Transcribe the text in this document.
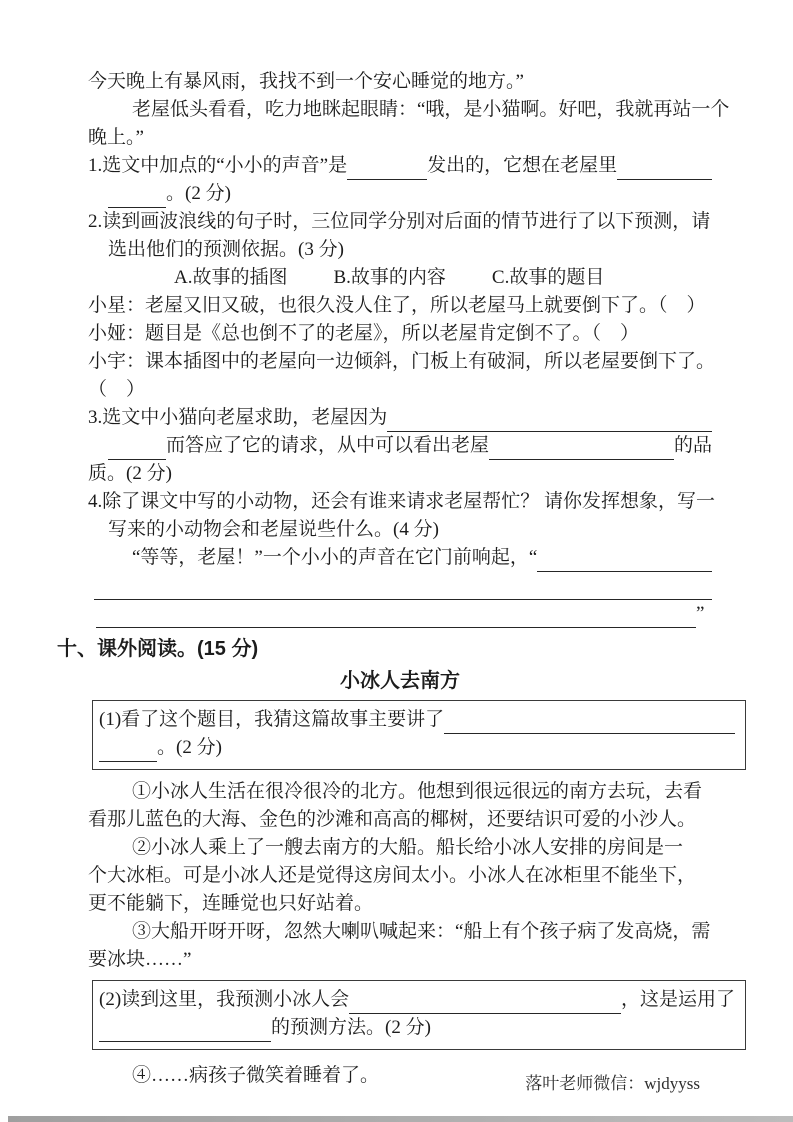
今天晚上有暴风雨，我找不到一个安心睡觉的地方。”
老屋低头看看，吃力地眯起眼睛：“哦，是小猫啊。好吧，我就再站一个
晚上。”
1.选文中加点的“小小的声音”是	发出的，它想在老屋里
。(2 分)
2.读到画波浪线的句子时，三位同学分别对后面的情节进行了以下预测，请
选出他们的预测依据。(3 分)
A.故事的插图 B.故事的内容 C.故事的题目
小星：老屋又旧又破，也很久没人住了，所以老屋马上就要倒下了。（　）
小娅：题目是《总也倒不了的老屋》，所以老屋肯定倒不了。（　）
小宇：课本插图中的老屋向一边倾斜，门板上有破洞，所以老屋要倒下了。
（　）
3.选文中小猫向老屋求助，老屋因为
而答应了它的请求，从中可以看出老屋	的品
质。(2 分)
4.除了课文中写的小动物，还会有谁来请求老屋帮忙？ 请你发挥想象，写一
写来的小动物会和老屋说些什么。(4 分)
“等等，老屋！”一个小小的声音在它门前响起，“
”
十、课外阅读。(15 分)
小冰人去南方
(1)看了这个题目，我猜这篇故事主要讲了
。(2 分)
①小冰人生活在很冷很冷的北方。他想到很远很远的南方去玩，去看
看那儿蓝色的大海、金色的沙滩和高高的椰树，还要结识可爱的小沙人。
②小冰人乘上了一艘去南方的大船。船长给小冰人安排的房间是一
个大冰柜。可是小冰人还是觉得这房间太小。小冰人在冰柜里不能坐下，
更不能躺下，连睡觉也只好站着。
③大船开呀开呀，忽然大喇叭喊起来：“船上有个孩子病了发高烧，需
要冰块……”
(2)读到这里，我预测小冰人会	，这是运用了
的预测方法。(2 分)
④……病孩子微笑着睡着了。	落叶老师微信：wjdyyss
